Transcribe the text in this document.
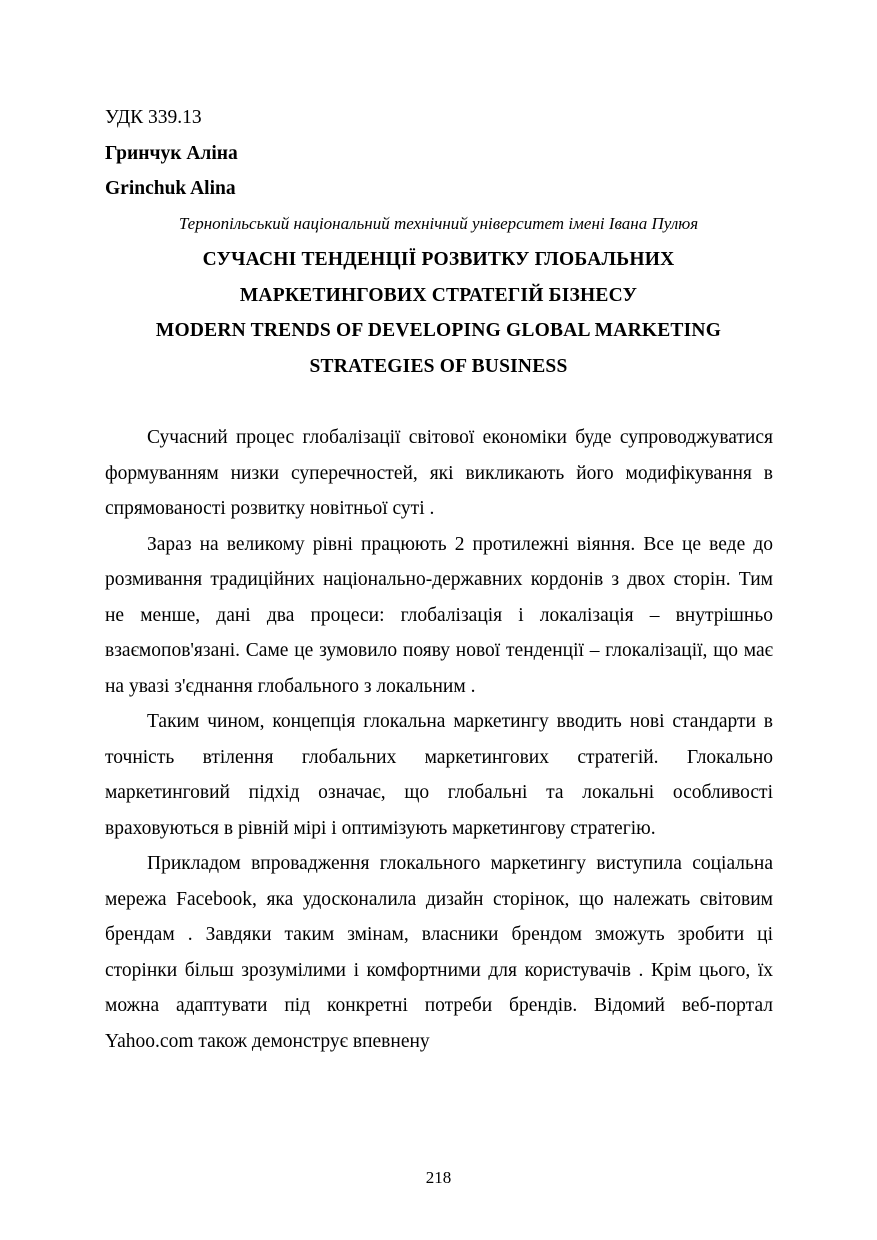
УДК 339.13
Гринчук Аліна
Grinchuk Alina
Тернопільський національний технічний університет імені Івана Пулюя
СУЧАСНІ ТЕНДЕНЦІЇ РОЗВИТКУ ГЛОБАЛЬНИХ
МАРКЕТИНГОВИХ СТРАТЕГІЙ БІЗНЕСУ
MODERN TRENDS OF DEVELOPING GLOBAL MARKETING
STRATEGIES OF BUSINESS

Сучасний процес глобалізації світової економіки буде супроводжуватися формуванням низки суперечностей, які викликають його модифікування в спрямованості розвитку новітньої суті .

Зараз на великому рівні працюють 2 протилежні віяння. Все це веде до розмивання традиційних національно-державних кордонів з двох сторін. Тим не менше, дані два процеси: глобалізація і локалізація – внутрішньо взаємопов'язані. Саме це зумовило появу нової тенденції – глокалізації, що має на увазі з'єднання глобального з локальним .

Таким чином, концепція глокальна маркетингу вводить нові стандарти в точність втілення глобальних маркетингових стратегій. Глокально маркетинговий підхід означає, що глобальні та локальні особливості враховуються в рівній мірі і оптимізують маркетингову стратегію.

Прикладом впровадження глокального маркетингу виступила соціальна мережа Facebook, яка удосконалила дизайн сторінок, що належать світовим брендам . Завдяки таким змінам, власники брендом зможуть зробити ці сторінки більш зрозумілими і комфортними для користувачів . Крім цього, їх можна адаптувати під конкретні потреби брендів. Відомий веб-портал Yahoo.com також демонструє впевнену

218
